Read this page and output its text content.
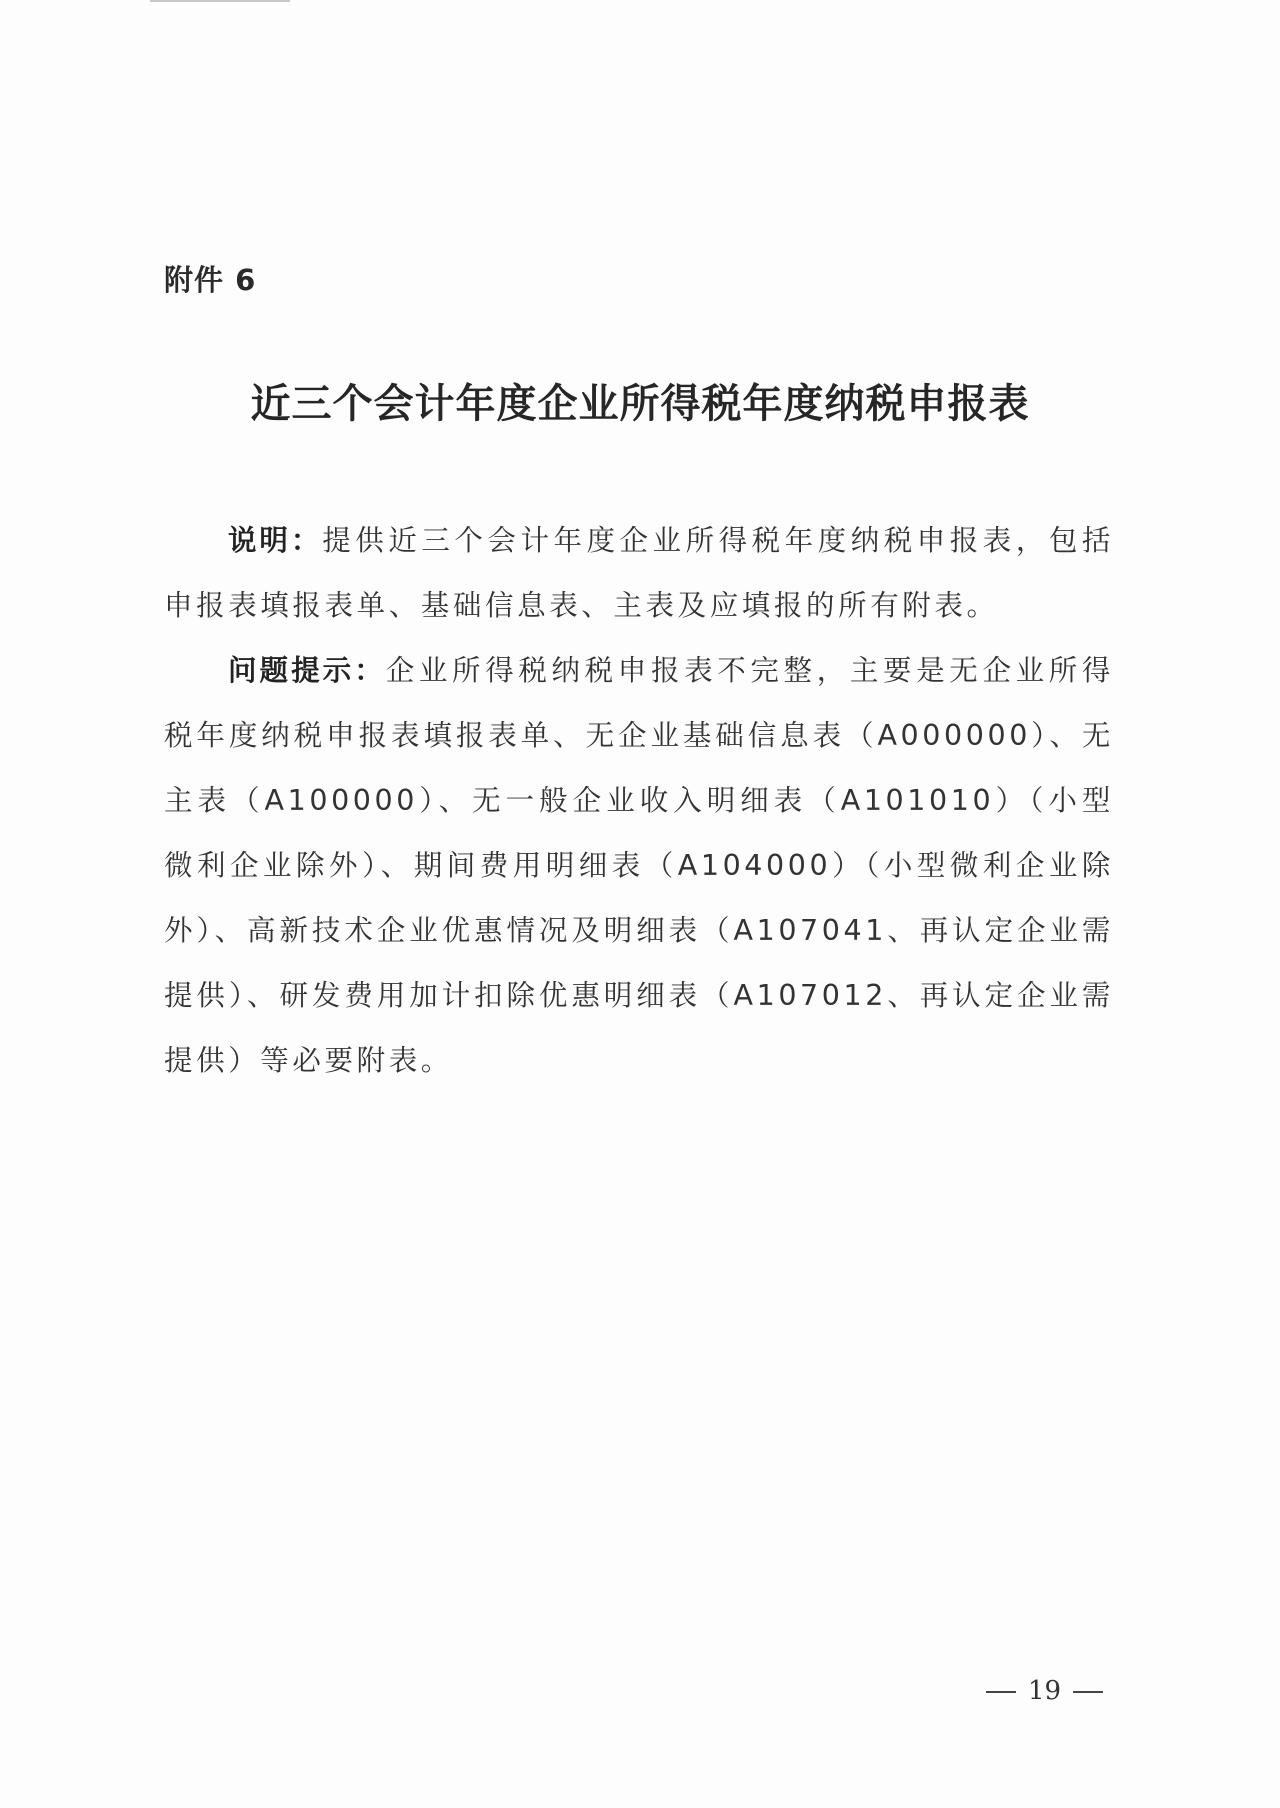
附件 6
近三个会计年度企业所得税年度纳税申报表

说明：提供近三个会计年度企业所得税年度纳税申报表，包括申报表填报表单、基础信息表、主表及应填报的所有附表。

问题提示：企业所得税纳税申报表不完整，主要是无企业所得税年度纳税申报表填报表单、无企业基础信息表（A000000）、无主表（A100000）、无一般企业收入明细表（A101010）（小型微利企业除外）、期间费用明细表（A104000）（小型微利企业除外）、高新技术企业优惠情况及明细表（A107041、再认定企业需提供）、研发费用加计扣除优惠明细表（A107012、再认定企业需提供）等必要附表。

19
